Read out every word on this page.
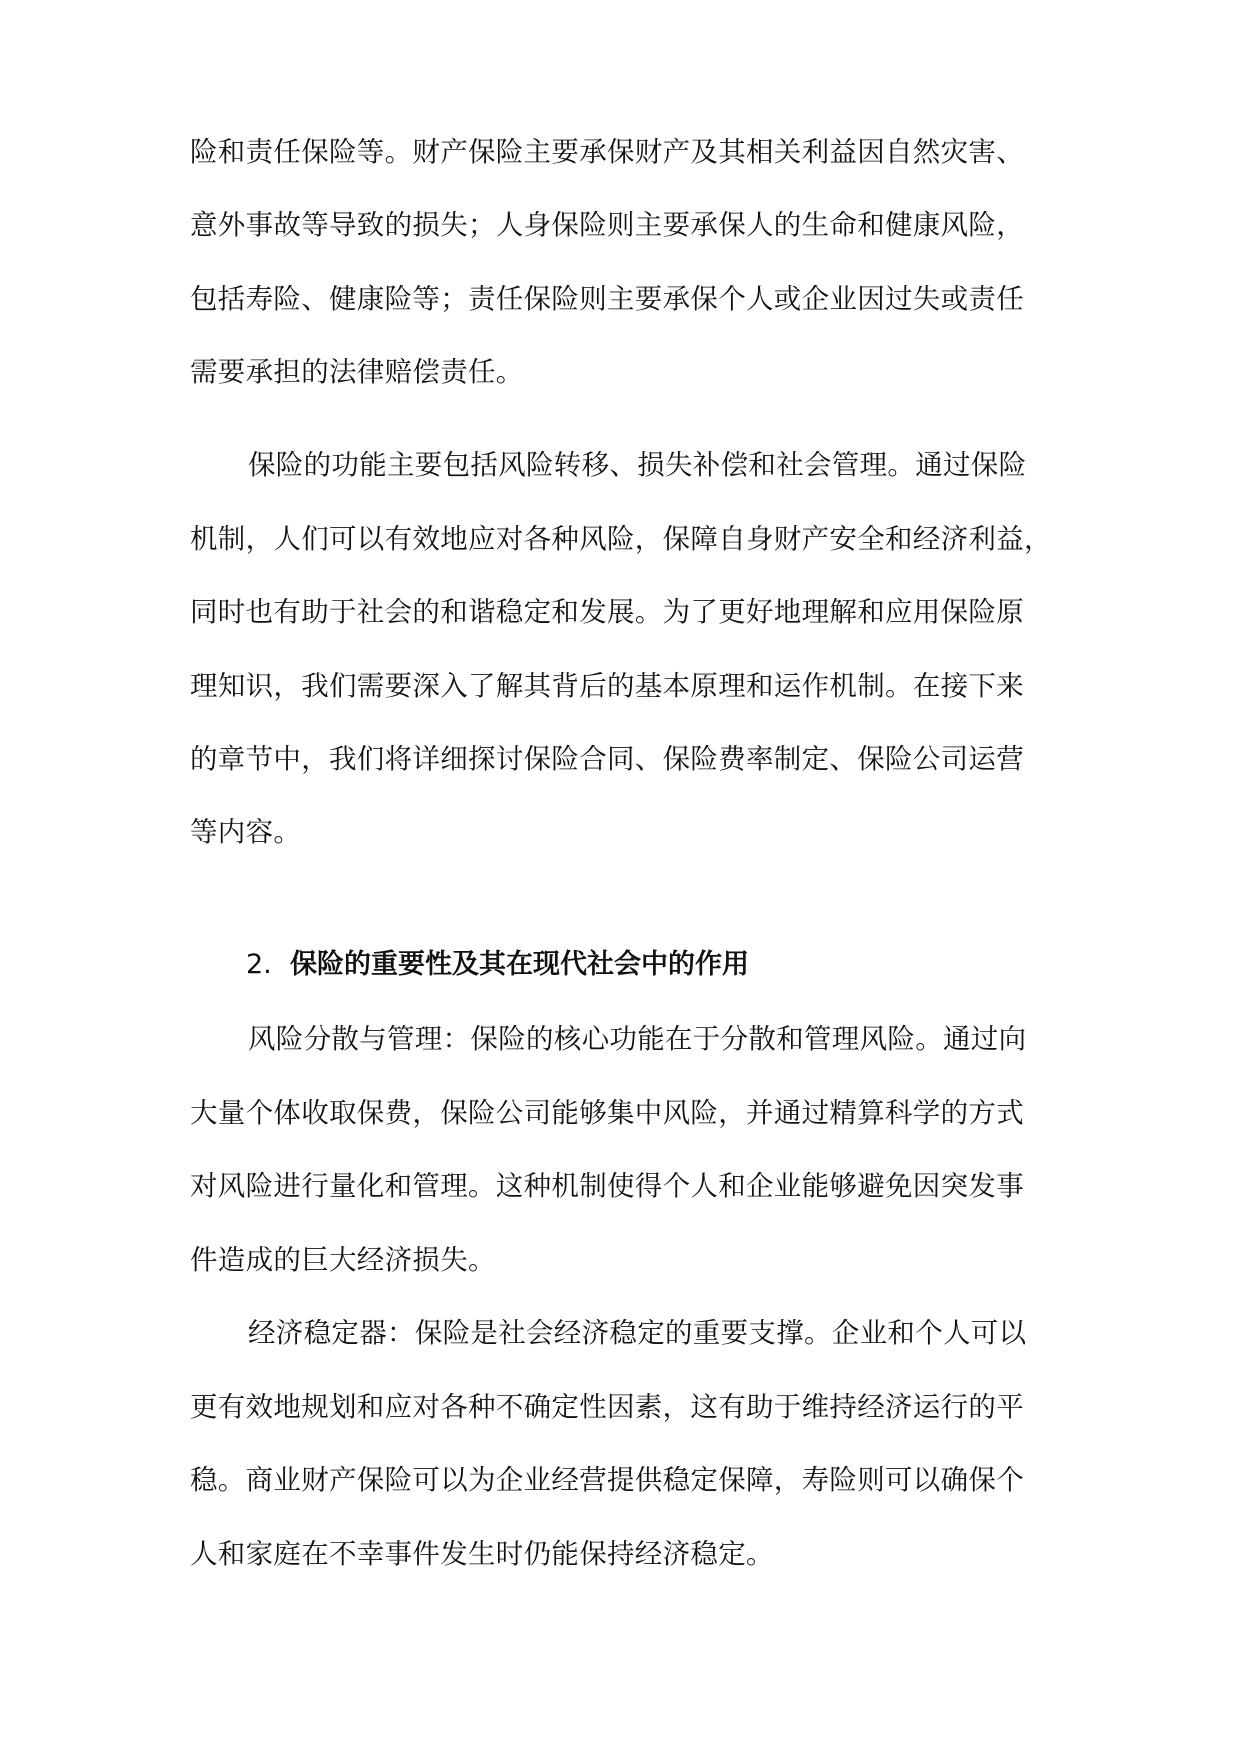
险和责任保险等。财产保险主要承保财产及其相关利益因自然灾害、
意外事故等导致的损失；人身保险则主要承保人的生命和健康风险，
包括寿险、健康险等；责任保险则主要承保个人或企业因过失或责任
需要承担的法律赔偿责任。
保险的功能主要包括风险转移、损失补偿和社会管理。通过保险
机制，人们可以有效地应对各种风险，保障自身财产安全和经济利益，
同时也有助于社会的和谐稳定和发展。为了更好地理解和应用保险原
理知识，我们需要深入了解其背后的基本原理和运作机制。在接下来
的章节中，我们将详细探讨保险合同、保险费率制定、保险公司运营
等内容。
2. 保险的重要性及其在现代社会中的作用
风险分散与管理：保险的核心功能在于分散和管理风险。通过向
大量个体收取保费，保险公司能够集中风险，并通过精算科学的方式
对风险进行量化和管理。这种机制使得个人和企业能够避免因突发事
件造成的巨大经济损失。
经济稳定器：保险是社会经济稳定的重要支撑。企业和个人可以
更有效地规划和应对各种不确定性因素，这有助于维持经济运行的平
稳。商业财产保险可以为企业经营提供稳定保障，寿险则可以确保个
人和家庭在不幸事件发生时仍能保持经济稳定。
